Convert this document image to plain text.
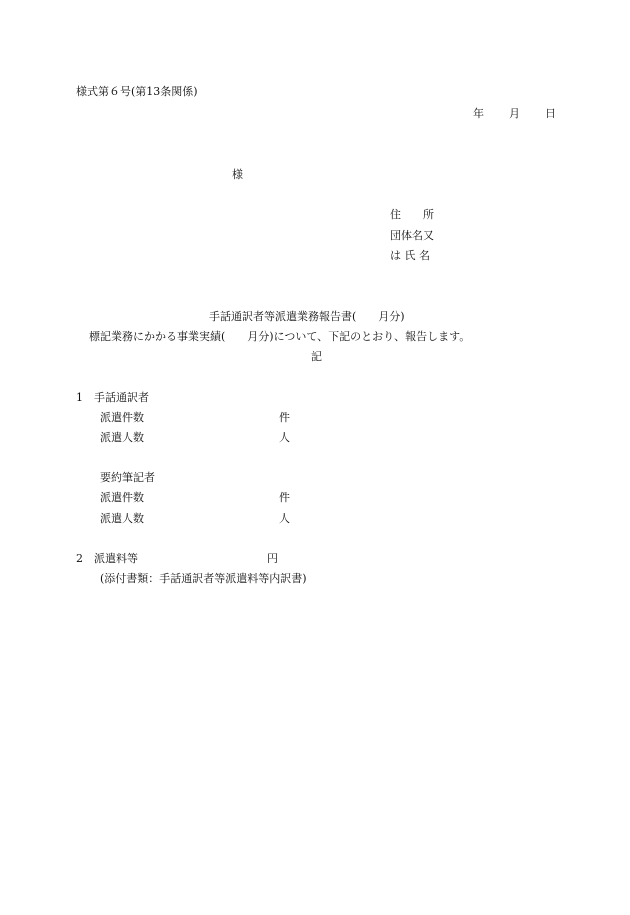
様式第６号(第13条関係)
年 月 日
様
住　　所
団体名又
は 氏 名
手話通訳者等派遣業務報告書(　　月分)
標記業務にかかる事業実績(　　月分)について、下記のとおり、報告します。
記
1　手話通訳者
派遣件数	件
派遣人数	人
要約筆記者
派遣件数	件
派遣人数	人
2　派遣料等	円
(添付書類：手話通訳者等派遣料等内訳書)
